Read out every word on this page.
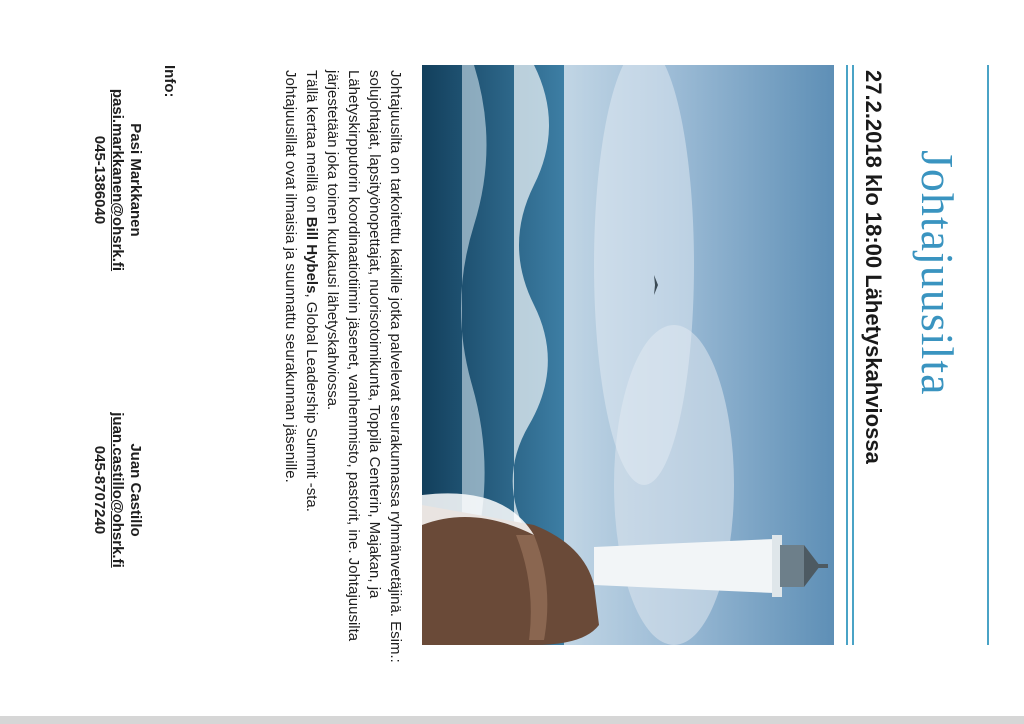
Johtajuusilta
27.2.2018 klo 18:00 Lähetyskahviossa

Johtajuusilta on tarkoitettu kaikille jotka palvelevat seurakunnassa ryhmänvetäjinä. Esim.: solujohtajat, lapsityönopettajat, nuorisotoimikunta, Toppila Centerin, Majakan, ja Lähetyskirpputorin koordinaatiotiimin jäsenet, vanhemmisto, pastorit, ine. Johtajuusilta järjestetään joka toinen kuukausi lähetyskahviossa.

Tällä kertaa meillä on Bill Hybels, Global Leadership Summit -sta.

Johtajuusillat ovat ilmaisia ja suunnattu seurakunnan jäsenille.

Info:
Pasi Markkanen
pasi.markkanen@ohsrk.fi
045-1386040
Juan Castillo
juan.castillo@ohsrk.fi
045-8707240
